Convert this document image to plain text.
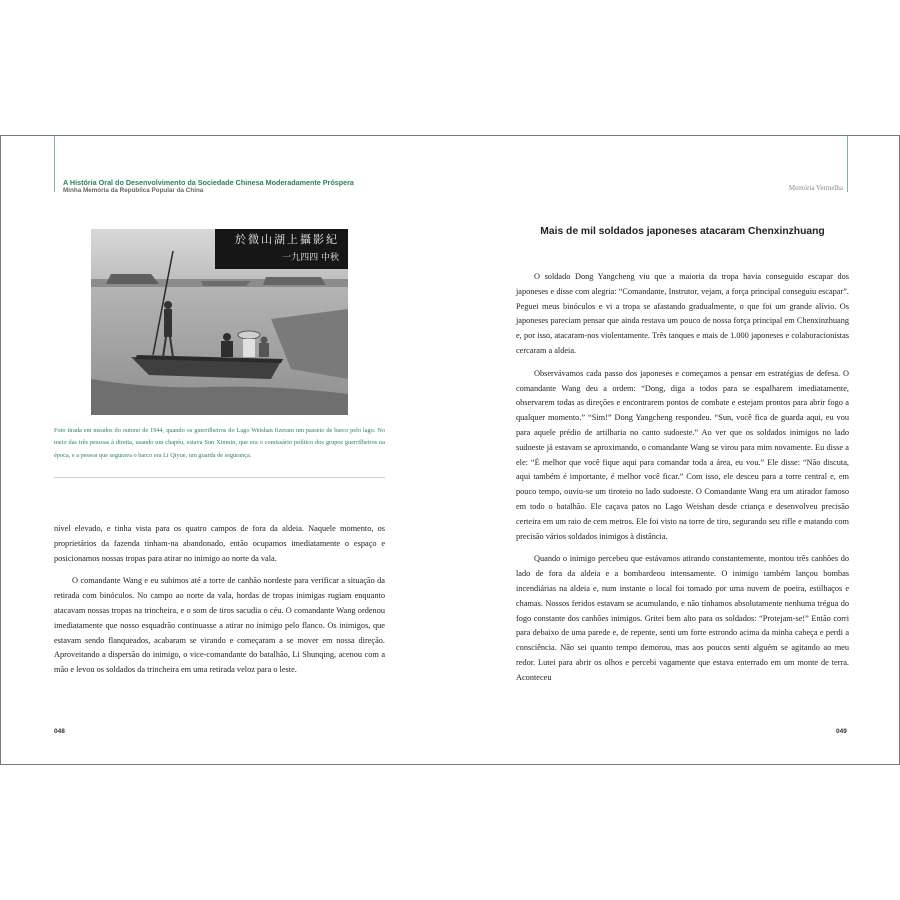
A História Oral do Desenvolvimento da Sociedade Chinesa Moderadamente Próspera
Minha Memória da República Popular da China	Memória Vermelha
於微山湖上攝影紀
一九四四 中秋

Foto tirada em meados do outono de 1944, quando os guerrilheiros do Lago Weishan fizeram um passeio de barco pelo lago. No meio das três pessoas à direita, usando um chapéu, estava Sun Xinmin, que era o comissário político dos grupos guerrilheiros na época, e a pessoa que segurava o barco era Li Qiyue, um guarda de segurança.

nível elevado, e tinha vista para os quatro campos de fora da aldeia. Naquele momento, os proprietários da fazenda tinham-na abandonado, então ocupamos imediatamente o espaço e posicionamos nossas tropas para atirar no inimigo ao norte da vala.

O comandante Wang e eu subimos até a torre de canhão nordeste para verificar a situação da retirada com binóculos. No campo ao norte da vala, hordas de tropas inimigas rugiam enquanto atacavam nossas tropas na trincheira, e o som de tiros sacudia o céu. O comandante Wang ordenou imediatamente que nosso esquadrão continuasse a atirar no inimigo pelo flanco. Os inimigos, que estavam sendo flanqueados, acabaram se virando e começaram a se mover em nossa direção. Aproveitando a dispersão do inimigo, o vice-comandante do batalhão, Li Shunqing, acenou com a mão e levou os soldados da trincheira em uma retirada veloz para o leste.

Mais de mil soldados japoneses atacaram Chenxinzhuang

O soldado Dong Yangcheng viu que a maioria da tropa havia conseguido escapar dos japoneses e disse com alegria: “Comandante, Instrutor, vejam, a força principal conseguiu escapar”. Peguei meus binóculos e vi a tropa se afastando gradualmente, o que foi um grande alívio. Os japoneses pareciam pensar que ainda restava um pouco de nossa força principal em Chenxinzhuang e, por isso, atacaram-nos violentamente. Três tanques e mais de 1.000 japoneses e colaboracionistas cercaram a aldeia.

Observávamos cada passo dos japoneses e começamos a pensar em estratégias de defesa. O comandante Wang deu a ordem: “Dong, diga a todos para se espalharem imediatamente, observarem todas as direções e encontrarem pontos de combate e estejam prontos para abrir fogo a qualquer momento.” “Sim!” Dong Yangcheng respondeu. “Sun, você fica de guarda aqui, eu vou para aquele prédio de artilharia no canto sudoeste.” Ao ver que os soldados inimigos no lado sudoeste já estavam se aproximando, o comandante Wang se virou para mim novamente. Eu disse a ele: “É melhor que você fique aqui para comandar toda a área, eu vou.” Ele disse: “Não discuta, aqui também é importante, é melhor você ficar.” Com isso, ele desceu para a torre central e, em pouco tempo, ouviu-se um tiroteio no lado sudoeste. O Comandante Wang era um atirador famoso em todo o batalhão. Ele caçava patos no Lago Weishan desde criança e desenvolveu precisão certeira em um raio de cem metros. Ele foi visto na torre de tiro, segurando seu rifle e matando com precisão vários soldados inimigos à distância.

Quando o inimigo percebeu que estávamos atirando constantemente, montou três canhões do lado de fora da aldeia e a bombardeou intensamente. O inimigo também lançou bombas incendiárias na aldeia e, num instante o local foi tomado por uma nuvem de poeira, estilhaços e chamas. Nossos feridos estavam se acumulando, e não tínhamos absolutamente nenhuma trégua do fogo constante dos canhões inimigos. Gritei bem alto para os soldados: “Protejam-se!” Então corri para debaixo de uma parede e, de repente, senti um forte estrondo acima da minha cabeça e perdi a consciência. Não sei quanto tempo demorou, mas aos poucos senti alguém se agitando ao meu redor. Lutei para abrir os olhos e percebi vagamente que estava enterrado em um monte de terra. Aconteceu

048	049
